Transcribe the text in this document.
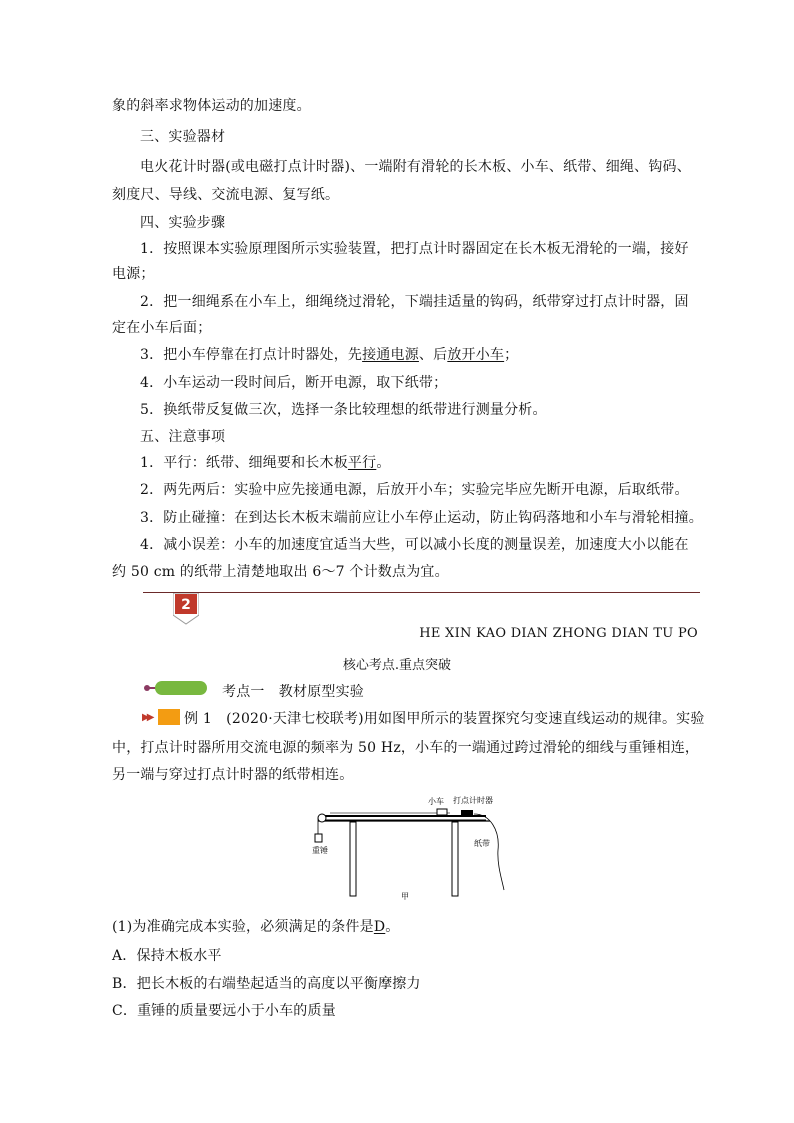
象的斜率求物体运动的加速度。
三、实验器材
电火花计时器(或电磁打点计时器)、一端附有滑轮的长木板、小车、纸带、细绳、钩码、
刻度尺、导线、交流电源、复写纸。
四、实验步骤
1．按照课本实验原理图所示实验装置，把打点计时器固定在长木板无滑轮的一端，接好
电源；
2．把一细绳系在小车上，细绳绕过滑轮，下端挂适量的钩码，纸带穿过打点计时器，固
定在小车后面；
3．把小车停靠在打点计时器处，先接通电源、后放开小车；
4．小车运动一段时间后，断开电源，取下纸带；
5．换纸带反复做三次，选择一条比较理想的纸带进行测量分析。
五、注意事项
1．平行：纸带、细绳要和长木板平行。
2．两先两后：实验中应先接通电源，后放开小车；实验完毕应先断开电源，后取纸带。
3．防止碰撞：在到达长木板末端前应让小车停止运动，防止钩码落地和小车与滑轮相撞。
4．减小误差：小车的加速度宜适当大些，可以减小长度的测量误差，加速度大小以能在
约 50 cm 的纸带上清楚地取出 6～7 个计数点为宜。
2
HE XIN KAO DIAN ZHONG DIAN TU PO
核心考点.重点突破
考点一　教材原型实验
▶▶ 例 1　 (2020·天津七校联考)用如图甲所示的装置探究匀变速直线运动的规律。实验
中，打点计时器所用交流电源的频率为 50 Hz，小车的一端通过跨过滑轮的细线与重锤相连，
另一端与穿过打点计时器的纸带相连。
小车 打点计时器
重锤
纸带
甲
(1)为准确完成本实验，必须满足的条件是D。
A．保持木板水平
B．把长木板的右端垫起适当的高度以平衡摩擦力
C．重锤的质量要远小于小车的质量
